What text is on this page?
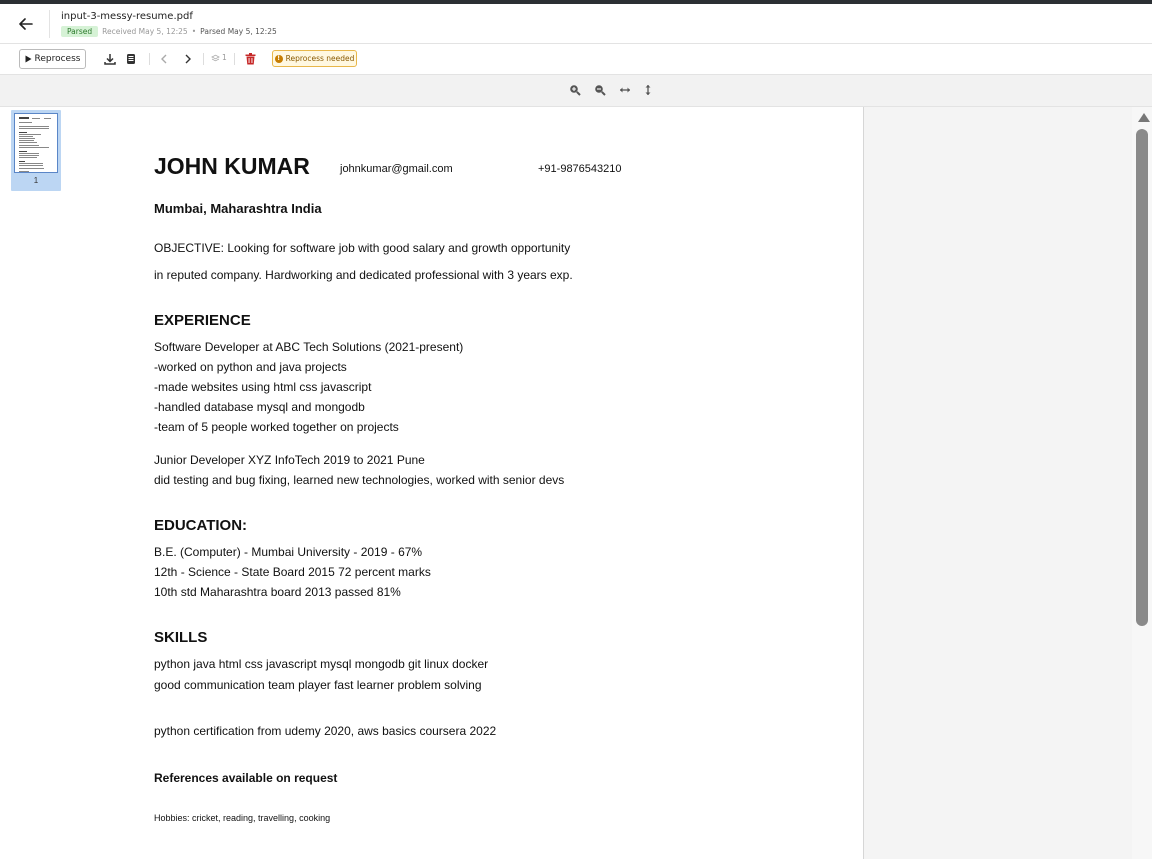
input-3-messy-resume.pdf
Parsed	Received May 5, 12:25 • Parsed May 5, 12:25
Reprocess	1	! Reprocess needed
1
JOHN KUMAR	johnkumar@gmail.com	+91-9876543210
Mumbai, Maharashtra India
OBJECTIVE: Looking for software job with good salary and growth opportunity
in reputed company. Hardworking and dedicated professional with 3 years exp.
EXPERIENCE
Software Developer at ABC Tech Solutions (2021-present)
-worked on python and java projects
-made websites using html css javascript
-handled database mysql and mongodb
-team of 5 people worked together on projects
Junior Developer XYZ InfoTech 2019 to 2021 Pune
did testing and bug fixing, learned new technologies, worked with senior devs
EDUCATION:
B.E. (Computer) - Mumbai University - 2019 - 67%
12th - Science - State Board 2015 72 percent marks
10th std Maharashtra board 2013 passed 81%
SKILLS
python java html css javascript mysql mongodb git linux docker
good communication team player fast learner problem solving
python certification from udemy 2020, aws basics coursera 2022
References available on request
Hobbies: cricket, reading, travelling, cooking
